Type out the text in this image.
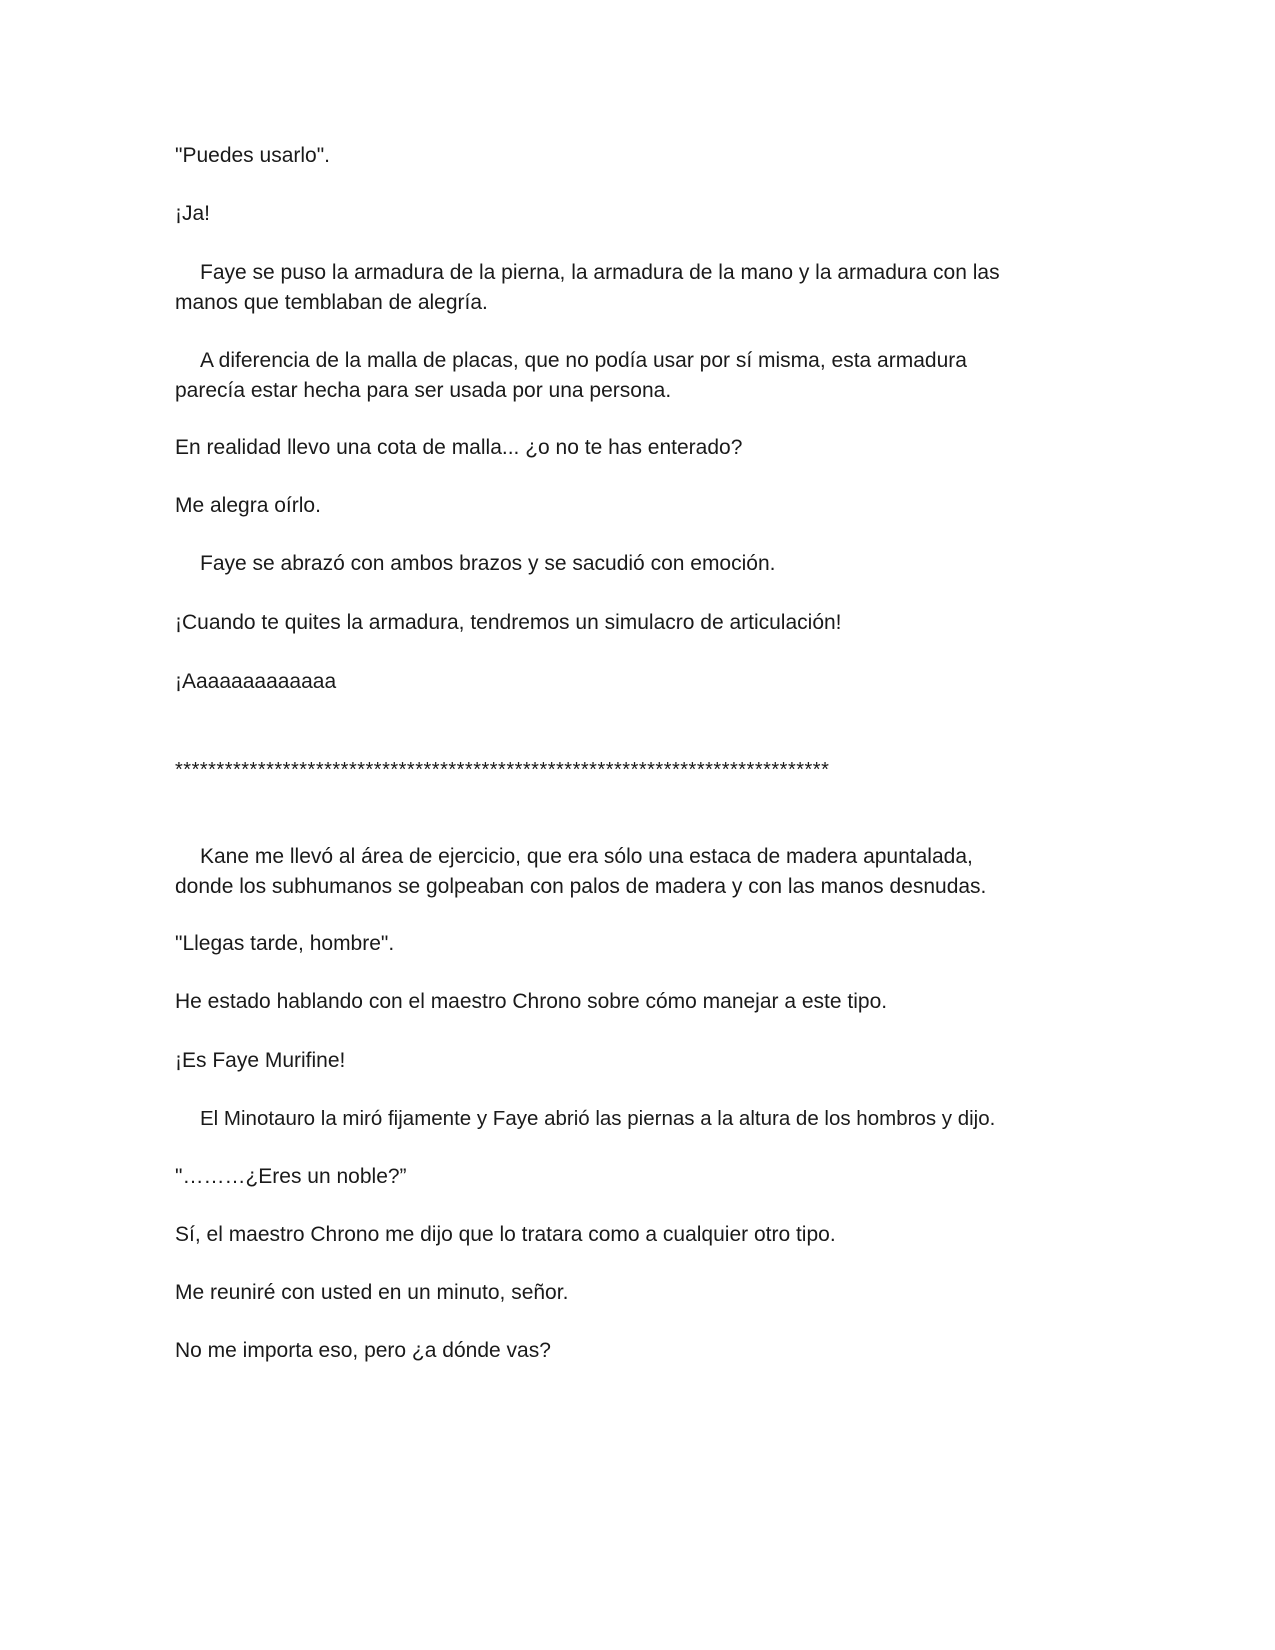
"Puedes usarlo".

¡Ja!

Faye se puso la armadura de la pierna, la armadura de la mano y la armadura con las manos que temblaban de alegría.

A diferencia de la malla de placas, que no podía usar por sí misma, esta armadura parecía estar hecha para ser usada por una persona.

En realidad llevo una cota de malla... ¿o no te has enterado?

Me alegra oírlo.

Faye se abrazó con ambos brazos y se sacudió con emoción.

¡Cuando te quites la armadura, tendremos un simulacro de articulación!

¡Aaaaaaaaaaaaa

*******************************************************************************

Kane me llevó al área de ejercicio, que era sólo una estaca de madera apuntalada, donde los subhumanos se golpeaban con palos de madera y con las manos desnudas.

"Llegas tarde, hombre".

He estado hablando con el maestro Chrono sobre cómo manejar a este tipo.

¡Es Faye Murifine!

El Minotauro la miró fijamente y Faye abrió las piernas a la altura de los hombros y dijo.

"………¿Eres un noble?”

Sí, el maestro Chrono me dijo que lo tratara como a cualquier otro tipo.

Me reuniré con usted en un minuto, señor.

No me importa eso, pero ¿a dónde vas?
